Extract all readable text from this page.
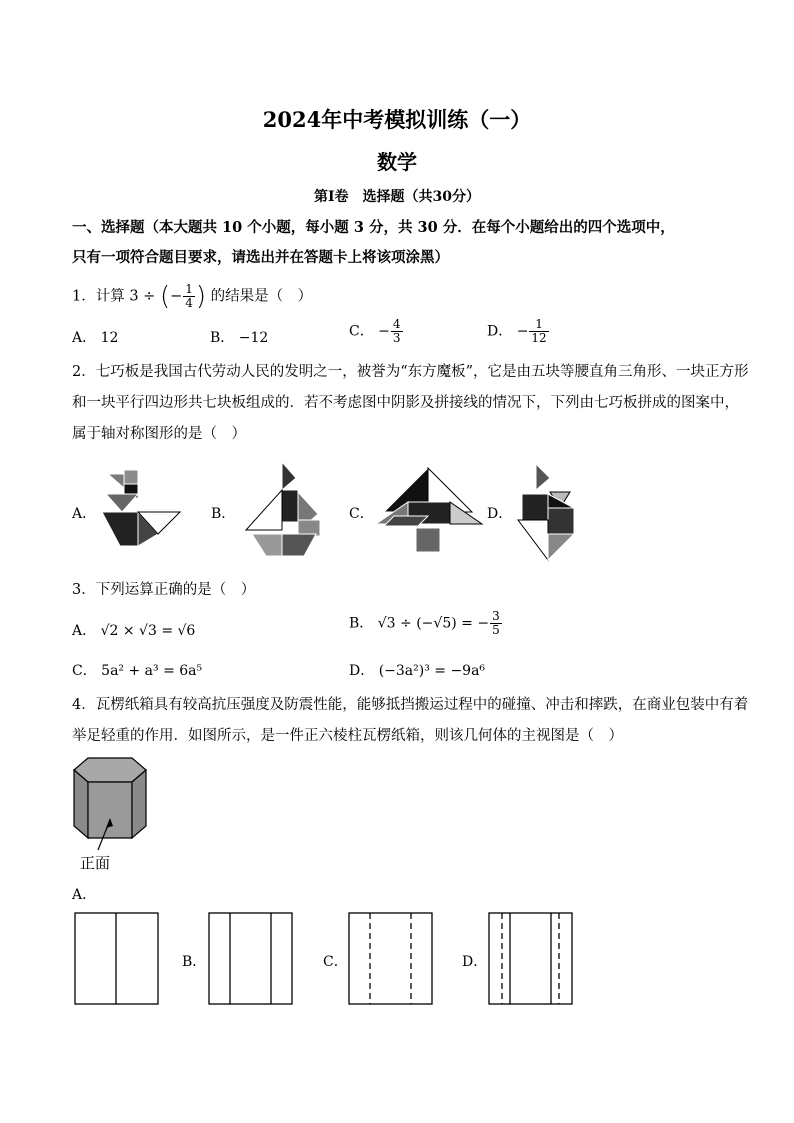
2024年中考模拟训练（一）
数学
第Ⅰ卷　选择题（共30分）
一、选择题（本大题共 10 个小题，每小题 3 分，共 30 分．在每个小题给出的四个选项中，
只有一项符合题目要求，请选出并在答题卡上将该项涂黑）
1．计算 3 ÷ (− $\frac{1}{4}$ ) 的结果是（　）
A． 12	B． −12	C． − $\frac{4}{3}$	D． − $\frac{1}{12}$
2．七巧板是我国古代劳动人民的发明之一，被誉为“东方魔板”，它是由五块等腰直角三角形、一块正方形
和一块平行四边形共七块板组成的．若不考虑图中阴影及拼接线的情况下，下列由七巧板拼成的图案中，
属于轴对称图形的是（　）
A．	B．	C．	D．
3．下列运算正确的是（　）
A． √2 × √3 = √6	B． √3 ÷ (−√5) = − $\frac{3}{5}$
C． 5a² + a³ = 6a⁵	D． (−3a²)³ = −9a⁶
4．瓦楞纸箱具有较高抗压强度及防震性能，能够抵挡搬运过程中的碰撞、冲击和摔跌，在商业包装中有着
举足轻重的作用．如图所示，是一件正六棱柱瓦楞纸箱，则该几何体的主视图是（　）
正面
A．
B．	C．	D．
